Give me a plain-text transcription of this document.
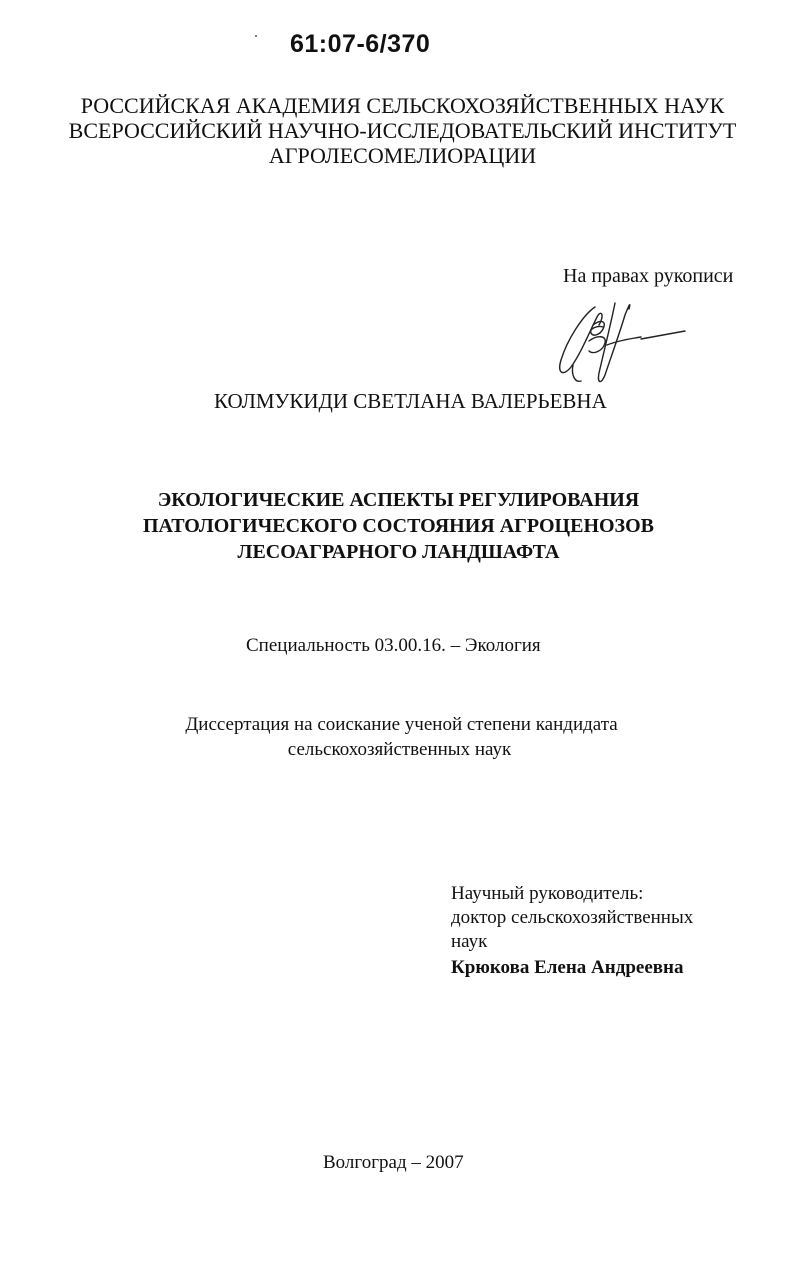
61:07-6/370
РОССИЙСКАЯ АКАДЕМИЯ СЕЛЬСКОХОЗЯЙСТВЕННЫХ НАУК
ВСЕРОССИЙСКИЙ НАУЧНО-ИССЛЕДОВАТЕЛЬСКИЙ ИНСТИТУТ
АГРОЛЕСОМЕЛИОРАЦИИ
На правах рукописи
КОЛМУКИДИ СВЕТЛАНА ВАЛЕРЬЕВНА
ЭКОЛОГИЧЕСКИЕ АСПЕКТЫ РЕГУЛИРОВАНИЯ
ПАТОЛОГИЧЕСКОГО СОСТОЯНИЯ АГРОЦЕНОЗОВ
ЛЕСОАГРАРНОГО ЛАНДШАФТА
Специальность 03.00.16. – Экология
Диссертация на соискание ученой степени кандидата
сельскохозяйственных наук
Научный руководитель:
доктор сельскохозяйственных
наук
Крюкова Елена Андреевна
Волгоград – 2007
